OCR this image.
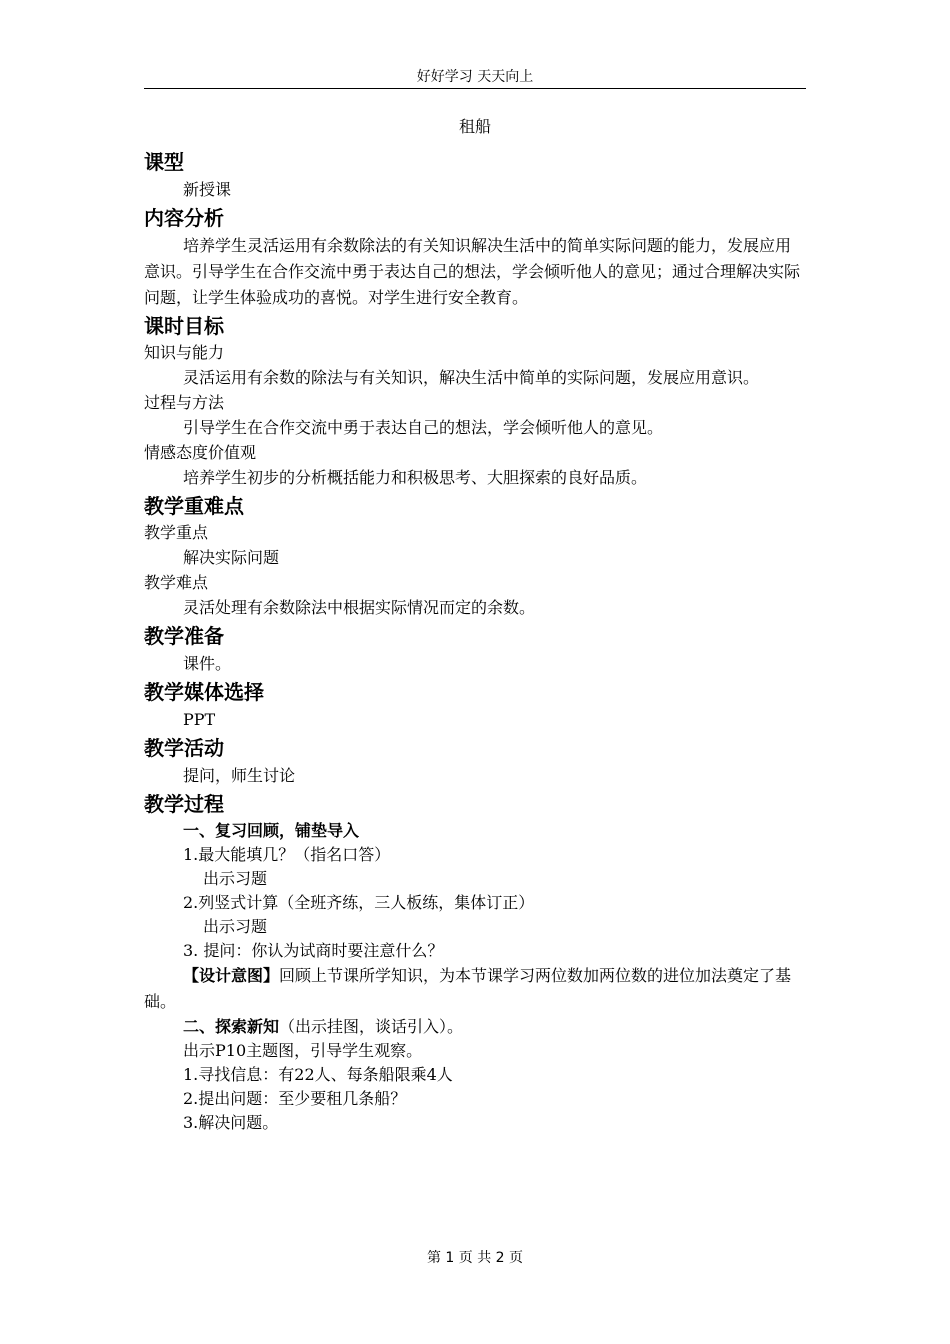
好好学习 天天向上
租船
课型
新授课
内容分析
培养学生灵活运用有余数除法的有关知识解决生活中的简单实际问题的能力，发展应用意识。引导学生在合作交流中勇于表达自己的想法，学会倾听他人的意见；通过合理解决实际问题，让学生体验成功的喜悦。对学生进行安全教育。
课时目标
知识与能力
灵活运用有余数的除法与有关知识，解决生活中简单的实际问题，发展应用意识。
过程与方法
引导学生在合作交流中勇于表达自己的想法，学会倾听他人的意见。
情感态度价值观
培养学生初步的分析概括能力和积极思考、大胆探索的良好品质。
教学重难点
教学重点
解决实际问题
教学难点
灵活处理有余数除法中根据实际情况而定的余数。
教学准备
课件。
教学媒体选择
PPT
教学活动
提问，师生讨论
教学过程
一、复习回顾，铺垫导入
1.最大能填几？（指名口答）
出示习题
2.列竖式计算（全班齐练，三人板练，集体订正）
出示习题
3. 提问：你认为试商时要注意什么？
【设计意图】回顾上节课所学知识，为本节课学习两位数加两位数的进位加法奠定了基础。
二、探索新知（出示挂图，谈话引入）。
出示P10主题图，引导学生观察。
1.寻找信息：有22人、每条船限乘4人
2.提出问题：至少要租几条船？
3.解决问题。
第 1 页 共 2 页
